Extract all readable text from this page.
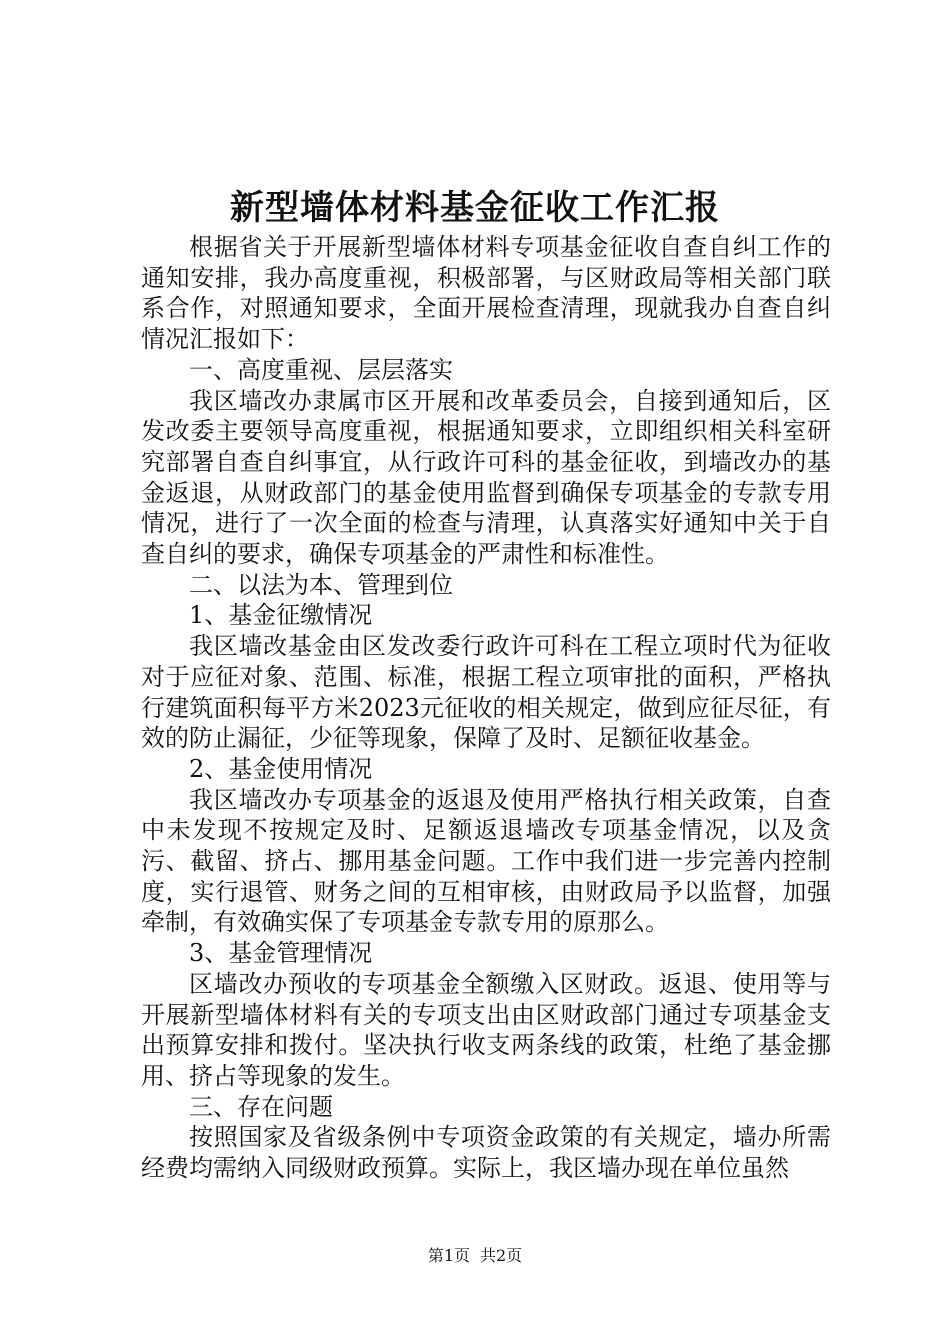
新型墙体材料基金征收工作汇报

根据省关于开展新型墙体材料专项基金征收自查自纠工作的通知安排，我办高度重视，积极部署，与区财政局等相关部门联系合作，对照通知要求，全面开展检查清理，现就我办自查自纠情况汇报如下：

一、高度重视、层层落实

我区墙改办隶属市区开展和改革委员会，自接到通知后，区发改委主要领导高度重视，根据通知要求，立即组织相关科室研究部署自查自纠事宜，从行政许可科的基金征收，到墙改办的基金返退，从财政部门的基金使用监督到确保专项基金的专款专用情况，进行了一次全面的检查与清理，认真落实好通知中关于自查自纠的要求，确保专项基金的严肃性和标准性。

二、以法为本、管理到位

1、基金征缴情况

我区墙改基金由区发改委行政许可科在工程立项时代为征收对于应征对象、范围、标准，根据工程立项审批的面积，严格执行建筑面积每平方米2023元征收的相关规定，做到应征尽征，有效的防止漏征，少征等现象，保障了及时、足额征收基金。

2、基金使用情况

我区墙改办专项基金的返退及使用严格执行相关政策，自查中未发现不按规定及时、足额返退墙改专项基金情况，以及贪污、截留、挤占、挪用基金问题。工作中我们进一步完善内控制度，实行退管、财务之间的互相审核，由财政局予以监督，加强牵制，有效确实保了专项基金专款专用的原那么。

3、基金管理情况

区墙改办预收的专项基金全额缴入区财政。返退、使用等与开展新型墙体材料有关的专项支出由区财政部门通过专项基金支出预算安排和拨付。坚决执行收支两条线的政策，杜绝了基金挪用、挤占等现象的发生。

三、存在问题

按照国家及省级条例中专项资金政策的有关规定，墙办所需经费均需纳入同级财政预算。实际上，我区墙办现在单位虽然

第1页 共2页
